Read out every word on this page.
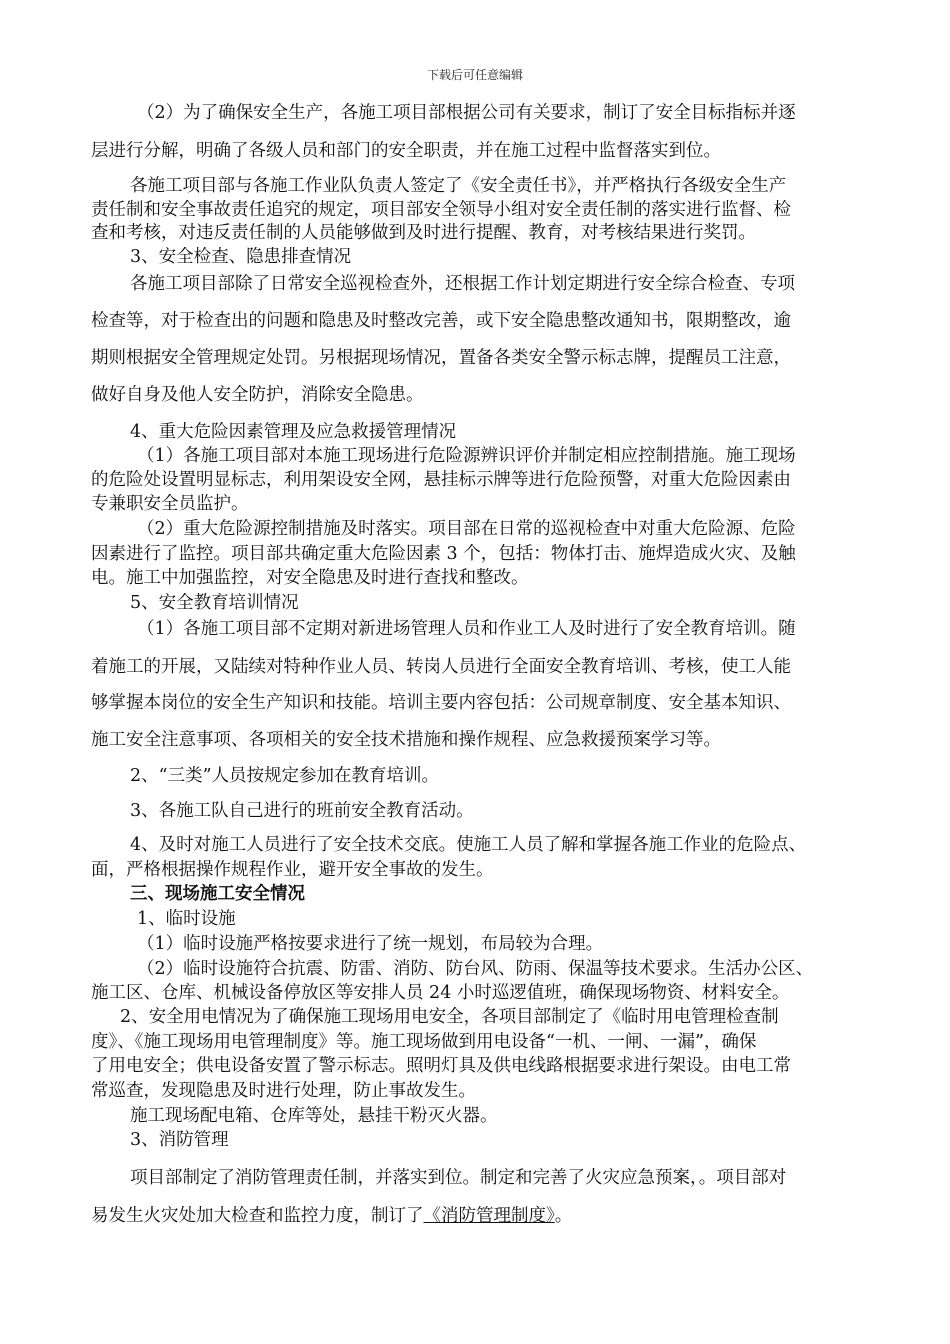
下载后可任意编辑
（2）为了确保安全生产，各施工项目部根据公司有关要求，制订了安全目标指标并逐
层进行分解，明确了各级人员和部门的安全职责，并在施工过程中监督落实到位。
各施工项目部与各施工作业队负责人签定了《安全责任书》，并严格执行各级安全生产
责任制和安全事故责任追究的规定，项目部安全领导小组对安全责任制的落实进行监督、检
查和考核，对违反责任制的人员能够做到及时进行提醒、教育，对考核结果进行奖罚。
3、安全检查、隐患排查情况
各施工项目部除了日常安全巡视检查外，还根据工作计划定期进行安全综合检查、专项
检查等，对于检查出的问题和隐患及时整改完善，或下安全隐患整改通知书，限期整改，逾
期则根据安全管理规定处罚。另根据现场情况，置备各类安全警示标志牌，提醒员工注意，
做好自身及他人安全防护，消除安全隐患。
4、重大危险因素管理及应急救援管理情况
（1）各施工项目部对本施工现场进行危险源辨识评价并制定相应控制措施。施工现场
的危险处设置明显标志，利用架设安全网，悬挂标示牌等进行危险预警，对重大危险因素由
专兼职安全员监护。
（2）重大危险源控制措施及时落实。项目部在日常的巡视检查中对重大危险源、危险
因素进行了监控。项目部共确定重大危险因素 3 个，包括：物体打击、施焊造成火灾、及触
电。施工中加强监控，对安全隐患及时进行查找和整改。
5、安全教育培训情况
（1）各施工项目部不定期对新进场管理人员和作业工人及时进行了安全教育培训。随
着施工的开展，又陆续对特种作业人员、转岗人员进行全面安全教育培训、考核，使工人能
够掌握本岗位的安全生产知识和技能。培训主要内容包括：公司规章制度、安全基本知识、
施工安全注意事项、各项相关的安全技术措施和操作规程、应急救援预案学习等。
2、“三类”人员按规定参加在教育培训。
3、各施工队自己进行的班前安全教育活动。
4、及时对施工人员进行了安全技术交底。使施工人员了解和掌握各施工作业的危险点、
面，严格根据操作规程作业，避开安全事故的发生。
三、现场施工安全情况
1、临时设施
（1）临时设施严格按要求进行了统一规划，布局较为合理。
（2）临时设施符合抗震、防雷、消防、防台风、防雨、保温等技术要求。生活办公区、
施工区、仓库、机械设备停放区等安排人员 24 小时巡逻值班，确保现场物资、材料安全。
2、安全用电情况为了确保施工现场用电安全，各项目部制定了《临时用电管理检查制
度》、《施工现场用电管理制度》等。施工现场做到用电设备“一机、一闸、一漏”，确保
了用电安全；供电设备安置了警示标志。照明灯具及供电线路根据要求进行架设。由电工常
常巡查，发现隐患及时进行处理，防止事故发生。
施工现场配电箱、仓库等处，悬挂干粉灭火器。
3、消防管理
项目部制定了消防管理责任制，并落实到位。制定和完善了火灾应急预案，。项目部对
易发生火灾处加大检查和监控力度，制订了《消防管理制度》。
